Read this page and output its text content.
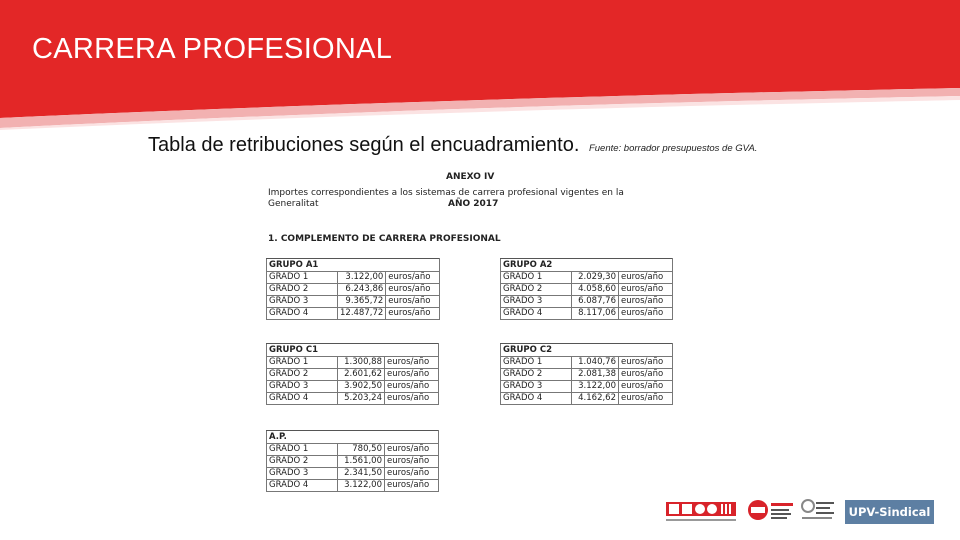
CARRERA PROFESIONAL
Tabla de retribuciones según el encuadramiento. Fuente: borrador presupuestos de GVA.
ANEXO IV
Importes correspondientes a los sistemas de carrera profesional vigentes en la Generalitat	AÑO 2017
1. COMPLEMENTO DE CARRERA PROFESIONAL
GRUPO A1		
GRADO 1	3.122,00	euros/año
GRADO 2	6.243,86	euros/año
GRADO 3	9.365,72	euros/año
GRADO 4	12.487,72	euros/año
GRUPO A2		
GRADO 1	2.029,30	euros/año
GRADO 2	4.058,60	euros/año
GRADO 3	6.087,76	euros/año
GRADO 4	8.117,06	euros/año
GRUPO C1		
GRADO 1	1.300,88	euros/año
GRADO 2	2.601,62	euros/año
GRADO 3	3.902,50	euros/año
GRADO 4	5.203,24	euros/año
GRUPO C2		
GRADO 1	1.040,76	euros/año
GRADO 2	2.081,38	euros/año
GRADO 3	3.122,00	euros/año
GRADO 4	4.162,62	euros/año
A.P.		
GRADO 1	780,50	euros/año
GRADO 2	1.561,00	euros/año
GRADO 3	2.341,50	euros/año
GRADO 4	3.122,00	euros/año
UPV-Sindical
